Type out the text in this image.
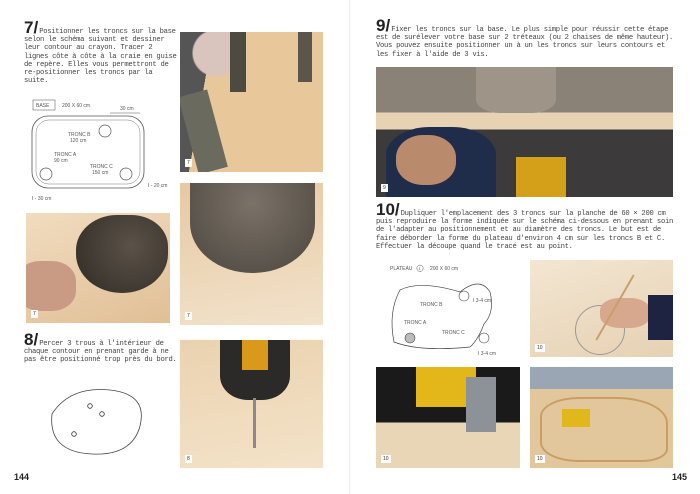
7/Positionner les troncs sur la base selon le schéma suivant et dessiner leur contour au crayon. Tracer 2 lignes côte à côte à la craie en guise de repère. Elles vous permettront de re-positionner les troncs par la suite.
BASE	200 X 60 cm	30 cm
TRONC B
120 cm
TRONC A
90 cm
TRONC C
150 cm
I - 20 cm
I - 30 cm
7
7	7
8/Percer 3 trous à l'intérieur de chaque contour en prenant garde à ne pas être positionné trop près du bord.
8
144
9/Fixer les troncs sur la base. Le plus simple pour réussir cette étape est de surélever votre base sur 2 tréteaux (ou 2 chaises de même hauteur). Vous pouvez ensuite positionner un à un les troncs sur leurs contours et les fixer à l'aide de 3 vis.
9
10/Dupliquer l'emplacement des 3 troncs sur la planche de 60 × 200 cm puis reproduire la forme indiquée sur le schéma ci-dessous en prenant soin de l'adapter au positionnement et au diamètre des troncs. Le but est de faire déborder la forme du plateau d'environ 4 cm sur les troncs B et C. Effectuer la découpe quand le tracé est au point.
PLATEAU 1 200 X 60 cm
TRONC B
TRONC A
TRONC C
I 3-4 cm
I 3-4 cm
10
10	10
145
